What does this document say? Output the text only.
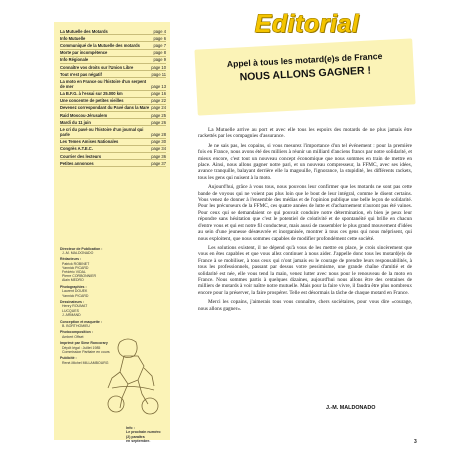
La Mutuelle des Motards	page 4
Info Mutuelle	page 6
Communiqué de la Mutuelle des motards	page 7
Morte par incompétence	page 8
Info Régionale	page 9
Connaître vos droits sur l'Union Libre	page 10
Tout n'est pas négatif	page 11
La moto en France ou l'histoire d'un serpent de mer	page 13
La B.F.G. à l'essai sur 25.000 km	page 16
Une concentre de petites vieilles	page 22
Devenez correspondant du Pavé dans la Mare page 24
Raid Moscou-Jérusalem	page 25
Mardi du 11 juin	page 26
Le cri du pavé ou l'histoire d'un journal qui parle	page 28
Les Temes Amises Nationales	page 30
Congrès A.T.E.C.	page 34
Courrier des lecteurs	page 36
Petites annonces	page 37
Directeur de Publication :
J.-M. MALDONADO
Rédacteurs :
Patrick ROBINET
Yannick PICARD
Frédéric VIDAL
Pierre CORBONNIER
Alain MEDRO
Photographies :
Laurent DOUEK
Yannick PICARD
Dessinateurs :
Henry ROUMAT
LUCQUES
J. ARMAND
Conception et maquette :
B. BORTHOMIEU
Photocomposition :
Ambert Offset
Imprimé par Sime Roncorary
Dépôt légal : Juillet 1985
Commission Paritaire en cours
Publicité :
René-Michel MILLAMBOURG
Info :
Le prochain numéro
(2) paraîtra
en septembre.
Editorial
Appel à tous les motard(e)s de France
NOUS ALLONS GAGNER !

La Mutuelle arrive au port et avec elle tous les espoirs des motards de ne plus jamais être rackettés par les compagnies d'assurance.

Je ne sais pas, les copains, si vous mesurez l'importance d'un tel événement : pour la première fois en France, nous avons été des milliers à réunir un milliard d'anciens francs par notre solidarité, et mieux encore, c'est tout un nouveau concept économique que nous sommes en train de mettre en place. Ainsi, nous allons gagner notre pari, et un nouveau compresseur, la FFMC, avec ses idées, avance tranquille, balayant derrière elle la magouille, l'ignorance, la stupidité, les différents rackets, tous les gens qui nuisent à la moto.

Aujourd'hui, grâce à vous tous, nous pouvons leur confirmer que les motards ne sont pas cette bande de voyous qui ne voient pas plus loin que le bout de leur intégral, comme le disent certains. Vous venez de donner à l'ensemble des médias et de l'opinion publique une belle leçon de solidarité. Pour les précurseurs de la FFMC, ces quatre années de lutte et d'acharnement n'auront pas été vaines. Pour ceux qui se demandaient ce qui pouvait conduire notre détermination, eh bien je peux leur répondre sans hésitation que c'est le potentiel de créativité et de spontanéité qui brille en chacun d'entre vous et qui est notre fil conducteur, mais aussi de rassembler le plus grand mouvement d'idées au sein d'une jeunesse désœuvrée et inorganisée, montrer à tous ces gens qui nous méprisent, qui nous exploitent, que nous sommes capables de modifier profondément cette société.

Les solutions existent, il ne dépend qu'à vous de les mettre en place, je crois sincèrement que vous en êtes capables et que vous allez continuer à nous aider. J'appelle donc tous les motard(e)s de France à se mobiliser, à tous ceux qui n'ont jamais eu le courage de prendre leurs responsabilités, à tous les professionnels, passant par dessus votre pessimisme, une grande chaîne d'amitié et de solidarité est née, elle vous tend la main, venez lutter avec nous pour le renouveau de la moto en France. Nous sommes partis à quelques dizaines, aujourd'hui nous allons être des centaines de milliers de motards à voir naître notre mutuelle. Mais pour la faire vivre, il faudra être plus nombreux encore pour la préserver, la faire prospérer. Telle est désormais la tâche de chaque motard en France.

Merci les copains, j'aimerais tous vous connaître, chers sociétaires, pour vous dire «courage, nous allons gagner».

J.-M. MALDONADO
3
